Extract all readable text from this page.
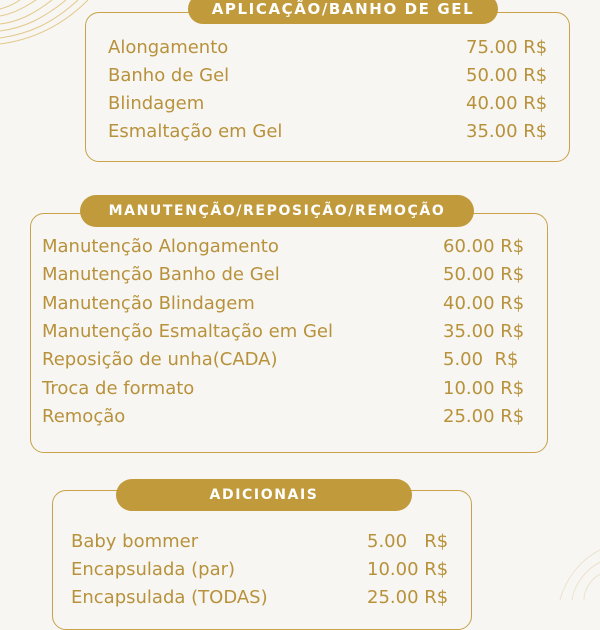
APLICAÇÃO/BANHO DE GEL
Alongamento	75.00 R$
Banho de Gel	50.00 R$
Blindagem	40.00 R$
Esmaltação em Gel	35.00 R$
MANUTENÇÃO/REPOSIÇÃO/REMOÇÃO
Manutenção Alongamento	60.00 R$
Manutenção Banho de Gel	50.00 R$
Manutenção Blindagem	40.00 R$
Manutenção Esmaltação em Gel	35.00 R$
Reposição de unha(CADA)	5.00  R$
Troca de formato	10.00 R$
Remoção	25.00 R$
ADICIONAIS
Baby bommer	5.00   R$
Encapsulada (par)	10.00 R$
Encapsulada (TODAS)	25.00 R$
